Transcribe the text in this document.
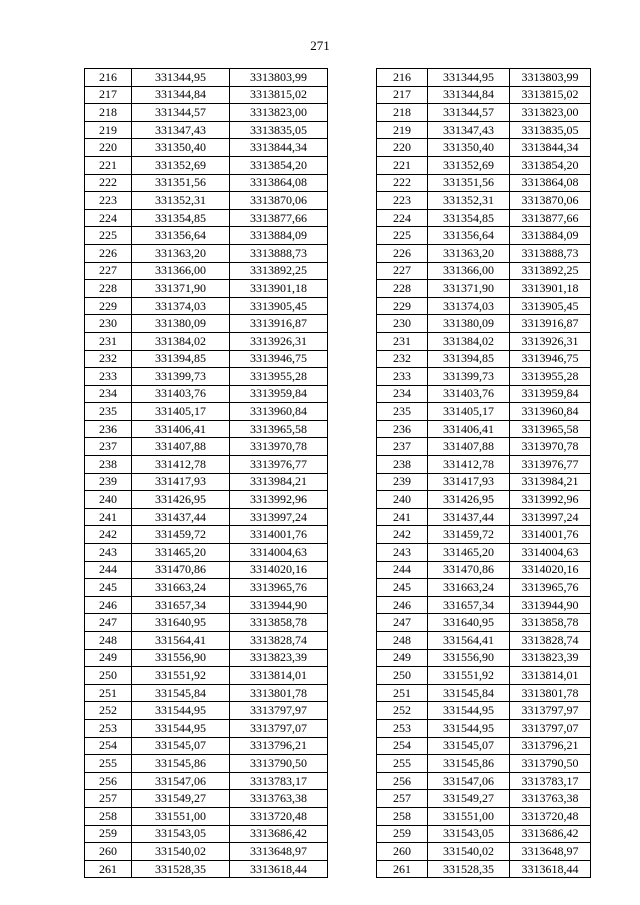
271
216	331344,95	3313803,99
217	331344,84	3313815,02
218	331344,57	3313823,00
219	331347,43	3313835,05
220	331350,40	3313844,34
221	331352,69	3313854,20
222	331351,56	3313864,08
223	331352,31	3313870,06
224	331354,85	3313877,66
225	331356,64	3313884,09
226	331363,20	3313888,73
227	331366,00	3313892,25
228	331371,90	3313901,18
229	331374,03	3313905,45
230	331380,09	3313916,87
231	331384,02	3313926,31
232	331394,85	3313946,75
233	331399,73	3313955,28
234	331403,76	3313959,84
235	331405,17	3313960,84
236	331406,41	3313965,58
237	331407,88	3313970,78
238	331412,78	3313976,77
239	331417,93	3313984,21
240	331426,95	3313992,96
241	331437,44	3313997,24
242	331459,72	3314001,76
243	331465,20	3314004,63
244	331470,86	3314020,16
245	331663,24	3313965,76
246	331657,34	3313944,90
247	331640,95	3313858,78
248	331564,41	3313828,74
249	331556,90	3313823,39
250	331551,92	3313814,01
251	331545,84	3313801,78
252	331544,95	3313797,97
253	331544,95	3313797,07
254	331545,07	3313796,21
255	331545,86	3313790,50
256	331547,06	3313783,17
257	331549,27	3313763,38
258	331551,00	3313720,48
259	331543,05	3313686,42
260	331540,02	3313648,97
261	331528,35	3313618,44
216	331344,95	3313803,99
217	331344,84	3313815,02
218	331344,57	3313823,00
219	331347,43	3313835,05
220	331350,40	3313844,34
221	331352,69	3313854,20
222	331351,56	3313864,08
223	331352,31	3313870,06
224	331354,85	3313877,66
225	331356,64	3313884,09
226	331363,20	3313888,73
227	331366,00	3313892,25
228	331371,90	3313901,18
229	331374,03	3313905,45
230	331380,09	3313916,87
231	331384,02	3313926,31
232	331394,85	3313946,75
233	331399,73	3313955,28
234	331403,76	3313959,84
235	331405,17	3313960,84
236	331406,41	3313965,58
237	331407,88	3313970,78
238	331412,78	3313976,77
239	331417,93	3313984,21
240	331426,95	3313992,96
241	331437,44	3313997,24
242	331459,72	3314001,76
243	331465,20	3314004,63
244	331470,86	3314020,16
245	331663,24	3313965,76
246	331657,34	3313944,90
247	331640,95	3313858,78
248	331564,41	3313828,74
249	331556,90	3313823,39
250	331551,92	3313814,01
251	331545,84	3313801,78
252	331544,95	3313797,97
253	331544,95	3313797,07
254	331545,07	3313796,21
255	331545,86	3313790,50
256	331547,06	3313783,17
257	331549,27	3313763,38
258	331551,00	3313720,48
259	331543,05	3313686,42
260	331540,02	3313648,97
261	331528,35	3313618,44
